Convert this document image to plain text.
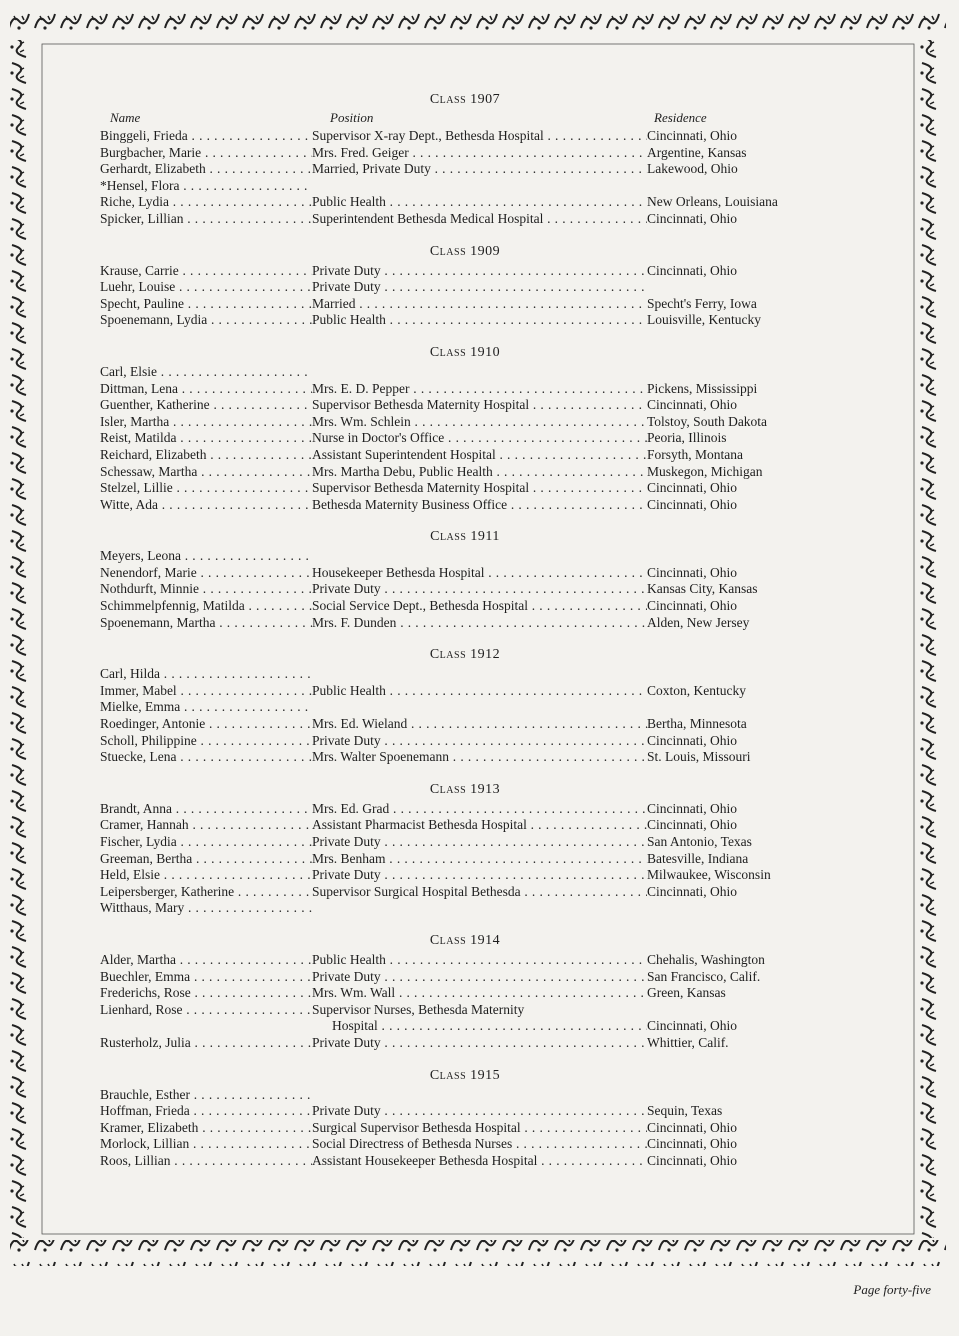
Class 1907
Name	Position	Residence
Binggeli, Frieda . . .	Supervisor X-ray Dept., Bethesda Hospital . . .	Cincinnati, Ohio
Burgbacher, Marie . . .	Mrs. Fred. Geiger . . .	Argentine, Kansas
Gerhardt, Elizabeth . . .	Married, Private Duty . . .	Lakewood, Ohio
*Hensel, Flora . . .
Riche, Lydia . . .	Public Health . . .	New Orleans, Louisiana
Spicker, Lillian . . .	Superintendent Bethesda Medical Hospital . . .	Cincinnati, Ohio
Class 1909
Krause, Carrie . . .	Private Duty . . .	Cincinnati, Ohio
Luehr, Louise . . .	Private Duty . . .
Specht, Pauline . . .	Married . . .	Specht's Ferry, Iowa
Spoenemann, Lydia . . .	Public Health . . .	Louisville, Kentucky
Class 1910
Carl, Elsie . . .
Dittman, Lena . . .	Mrs. E. D. Pepper . . .	Pickens, Mississippi
Guenther, Katherine . . .	Supervisor Bethesda Maternity Hospital . . .	Cincinnati, Ohio
Isler, Martha . . .	Mrs. Wm. Schlein . . .	Tolstoy, South Dakota
Reist, Matilda . . .	Nurse in Doctor's Office . . .	Peoria, Illinois
Reichard, Elizabeth . . .	Assistant Superintendent Hospital . . .	Forsyth, Montana
Schessaw, Martha . . .	Mrs. Martha Debu, Public Health . . .	Muskegon, Michigan
Stelzel, Lillie . . .	Supervisor Bethesda Maternity Hospital . . .	Cincinnati, Ohio
Witte, Ada . . .	Bethesda Maternity Business Office . . .	Cincinnati, Ohio
Class 1911
Meyers, Leona . . .
Nenendorf, Marie . . .	Housekeeper Bethesda Hospital . . .	Cincinnati, Ohio
Nothdurft, Minnie . . .	Private Duty . . .	Kansas City, Kansas
Schimmelpfennig, Matilda . . .	Social Service Dept., Bethesda Hospital . . .	Cincinnati, Ohio
Spoenemann, Martha . . .	Mrs. F. Dunden . . .	Alden, New Jersey
Class 1912
Carl, Hilda . . .
Immer, Mabel . . .	Public Health . . .	Coxton, Kentucky
Mielke, Emma . . .
Roedinger, Antonie . . .	Mrs. Ed. Wieland . . .	Bertha, Minnesota
Scholl, Philippine . . .	Private Duty . . .	Cincinnati, Ohio
Stuecke, Lena . . .	Mrs. Walter Spoenemann . . .	St. Louis, Missouri
Class 1913
Brandt, Anna . . .	Mrs. Ed. Grad . . .	Cincinnati, Ohio
Cramer, Hannah . . .	Assistant Pharmacist Bethesda Hospital . . .	Cincinnati, Ohio
Fischer, Lydia . . .	Private Duty . . .	San Antonio, Texas
Greeman, Bertha . . .	Mrs. Benham . . .	Batesville, Indiana
Held, Elsie . . .	Private Duty . . .	Milwaukee, Wisconsin
Leipersberger, Katherine . . .	Supervisor Surgical Hospital Bethesda . . .	Cincinnati, Ohio
Witthaus, Mary . . .
Class 1914
Alder, Martha . . .	Public Health . . .	Chehalis, Washington
Buechler, Emma . . .	Private Duty . . .	San Francisco, Calif.
Frederichs, Rose . . .	Mrs. Wm. Wall . . .	Green, Kansas
Lienhard, Rose . . .	Supervisor Nurses, Bethesda Maternity
Hospital . . .	Cincinnati, Ohio
Rusterholz, Julia . . .	Private Duty . . .	Whittier, Calif.
Class 1915
Brauchle, Esther . . .
Hoffman, Frieda . . .	Private Duty . . .	Sequin, Texas
Kramer, Elizabeth . . .	Surgical Supervisor Bethesda Hospital . . .	Cincinnati, Ohio
Morlock, Lillian . . .	Social Directress of Bethesda Nurses . . .	Cincinnati, Ohio
Roos, Lillian . . .	Assistant Housekeeper Bethesda Hospital . . .	Cincinnati, Ohio
Page forty-five
